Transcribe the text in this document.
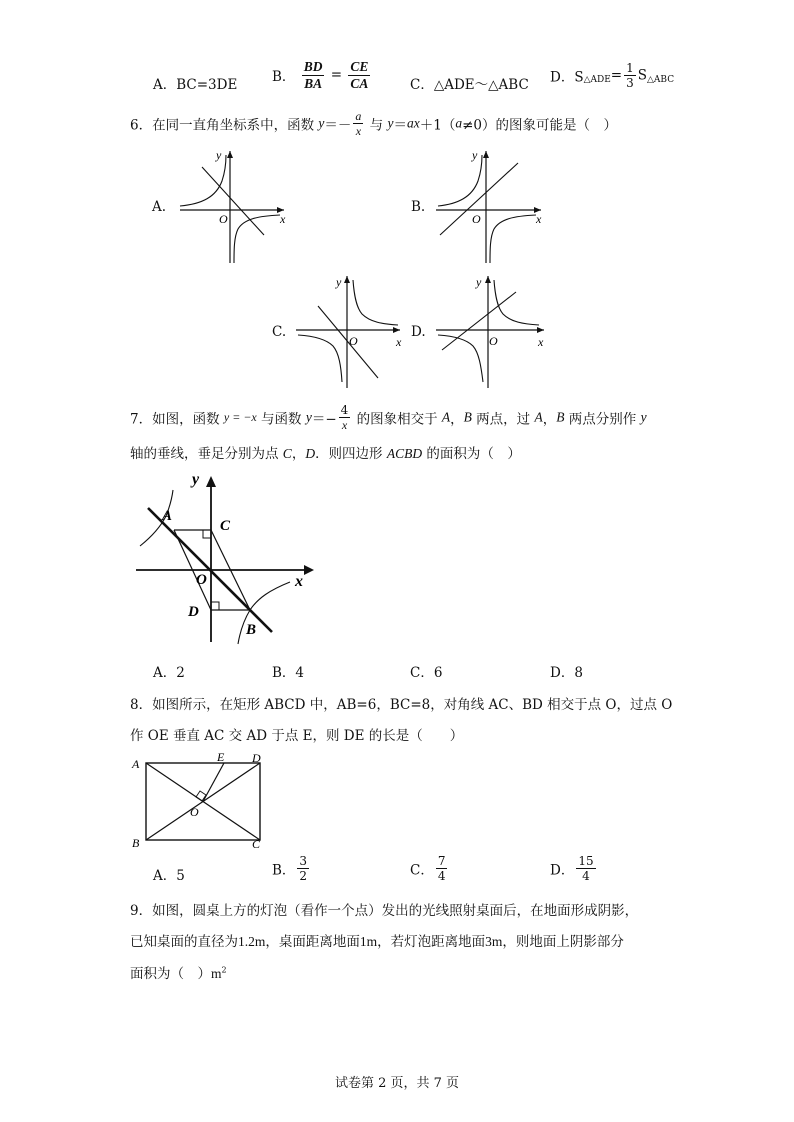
A．BC=3DE	B． $\frac{BD}{BA} = \frac{CE}{CA}$	C．△ADE～△ABC D．$S_{\triangle ADE}= \frac{1}{3} S_{\triangle ABC}$
6．在同一直角坐标系中，函数 $y=- \frac{a}{x}$ 与 y＝ax＋1（a≠0）的图象可能是（　）
A.
O	x
y
B.
O	x
y
C.
O	x
y
D.
O	x
y
7．如图，函数 y = −x 与函数 $y=- \frac{4}{x}$ 的图象相交于 A，B 两点，过 A，B 两点分别作 y
轴的垂线，垂足分别为点 C，D．则四边形 ACBD 的面积为（　）
y
x
A
C
O
D
B
A．2	B．4	C．6	D．8
8．如图所示，在矩形 ABCD 中，AB=6，BC=8，对角线 AC、BD 相交于点 O，过点 O
作 OE 垂直 AC 交 AD 于点 E，则 DE 的长是（　　）
A	D
E
B	C
O
A．5	B． $\frac{3}{2}$	C． $\frac{7}{4}$	D． $\frac{15}{4}$
9．如图，圆桌上方的灯泡（看作一个点）发出的光线照射桌面后，在地面形成阴影，
已知桌面的直径为1.2m，桌面距离地面1m，若灯泡距离地面3m，则地面上阴影部分
面积为（　）$m^2$
试卷第 2 页，共 7 页
